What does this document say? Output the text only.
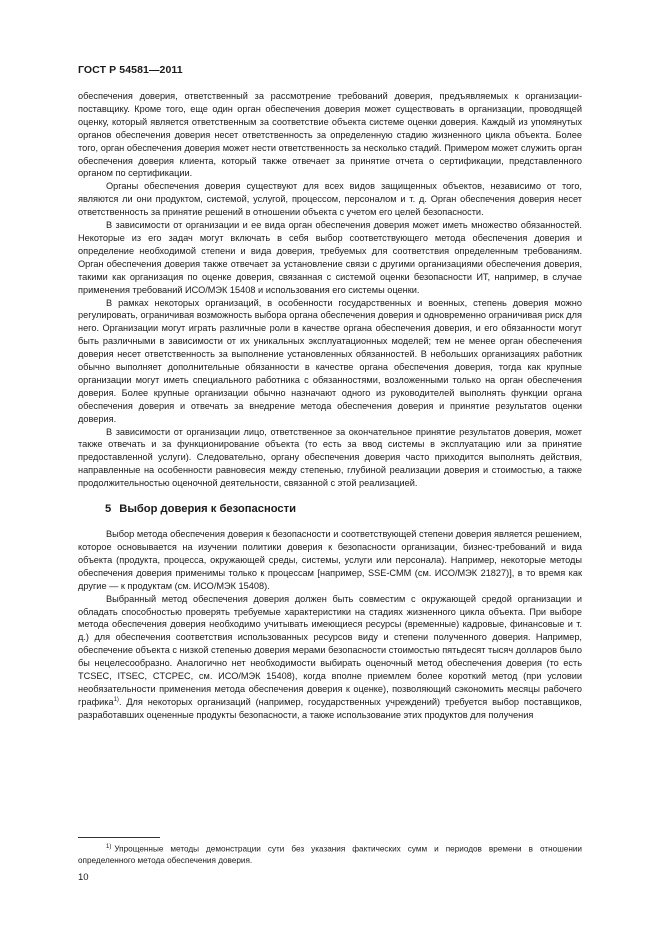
ГОСТ Р 54581—2011

обеспечения доверия, ответственный за рассмотрение требований доверия, предъявляемых к организации-поставщику. Кроме того, еще один орган обеспечения доверия может существовать в организации, проводящей оценку, который является ответственным за соответствие объекта системе оценки доверия. Каждый из упомянутых органов обеспечения доверия несет ответственность за определенную стадию жизненного цикла объекта. Более того, орган обеспечения доверия может нести ответственность за несколько стадий. Примером может служить орган обеспечения доверия клиента, который также отвечает за принятие отчета о сертификации, представленного органом по сертификации.

Органы обеспечения доверия существуют для всех видов защищенных объектов, независимо от того, являются ли они продуктом, системой, услугой, процессом, персоналом и т. д. Орган обеспечения доверия несет ответственность за принятие решений в отношении объекта с учетом его целей безопасности.

В зависимости от организации и ее вида орган обеспечения доверия может иметь множество обязанностей. Некоторые из его задач могут включать в себя выбор соответствующего метода обеспечения доверия и определение необходимой степени и вида доверия, требуемых для соответствия определенным требованиям. Орган обеспечения доверия также отвечает за установление связи с другими организациями обеспечения доверия, такими как организация по оценке доверия, связанная с системой оценки безопасности ИТ, например, в случае применения требований ИСО/МЭК 15408 и использования его системы оценки.

В рамках некоторых организаций, в особенности государственных и военных, степень доверия можно регулировать, ограничивая возможность выбора органа обеспечения доверия и одновременно ограничивая риск для него. Организации могут играть различные роли в качестве органа обеспечения доверия, и его обязанности могут быть различными в зависимости от их уникальных эксплуатационных моделей; тем не менее орган обеспечения доверия несет ответственность за выполнение установленных обязанностей. В небольших организациях работник обычно выполняет дополнительные обязанности в качестве органа обеспечения доверия, тогда как крупные организации могут иметь специального работника с обязанностями, возложенными только на орган обеспечения доверия. Более крупные организации обычно назначают одного из руководителей выполнять функции органа обеспечения доверия и отвечать за внедрение метода обеспечения доверия и принятие результатов оценки доверия.

В зависимости от организации лицо, ответственное за окончательное принятие результатов доверия, может также отвечать и за функционирование объекта (то есть за ввод системы в эксплуатацию или за принятие предоставленной услуги). Следовательно, органу обеспечения доверия часто приходится выполнять действия, направленные на особенности равновесия между степенью, глубиной реализации доверия и стоимостью, а также продолжительностью оценочной деятельности, связанной с этой реализацией.

5 Выбор доверия к безопасности

Выбор метода обеспечения доверия к безопасности и соответствующей степени доверия является решением, которое основывается на изучении политики доверия к безопасности организации, бизнес-требований и вида объекта (продукта, процесса, окружающей среды, системы, услуги или персонала). Например, некоторые методы обеспечения доверия применимы только к процессам [например, SSE-CMM (см. ИСО/МЭК 21827)], в то время как другие — к продуктам (см. ИСО/МЭК 15408).

Выбранный метод обеспечения доверия должен быть совместим с окружающей средой организации и обладать способностью проверять требуемые характеристики на стадиях жизненного цикла объекта. При выборе метода обеспечения доверия необходимо учитывать имеющиеся ресурсы (временные) кадровые, финансовые и т. д.) для обеспечения соответствия использованных ресурсов виду и степени полученного доверия. Например, обеспечение объекта с низкой степенью доверия мерами безопасности стоимостью пятьдесят тысяч долларов было бы нецелесообразно. Аналогично нет необходимости выбирать оценочный метод обеспечения доверия (то есть TCSEC, ITSEC, CTCPEC, см. ИСО/МЭК 15408), когда вполне приемлем более короткий метод (при условии необязательности применения метода обеспечения доверия к оценке), позволяющий сэкономить месяцы рабочего графика$^{1)}$. Для некоторых организаций (например, государственных учреждений) требуется выбор поставщиков, разработавших оцененные продукты безопасности, а также использование этих продуктов для получения

$^{1)}$ Упрощенные методы демонстрации сути без указания фактических сумм и периодов времени в отношении определенного метода обеспечения доверия.
10
